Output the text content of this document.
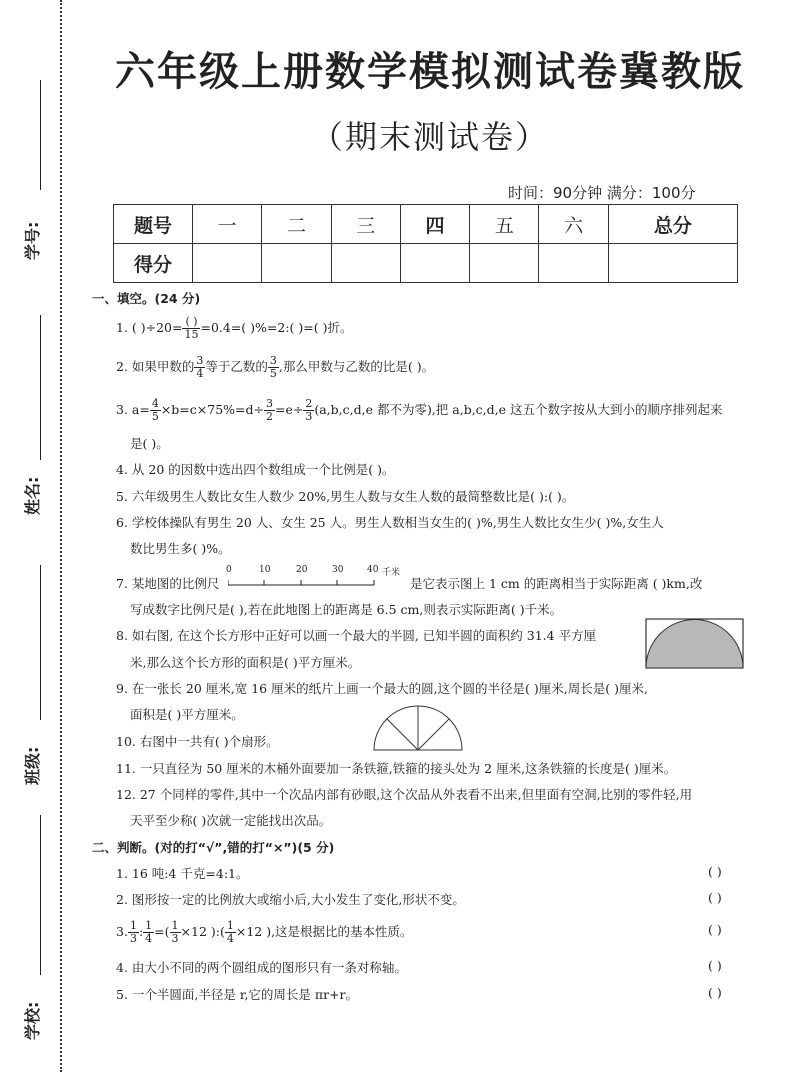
学号:
姓名:
班级:
学校:
六年级上册数学模拟测试卷冀教版
（期末测试卷）
时间：90分钟 满分：100分
题号	一	二	三	四	五	六	总分
得分							
一、填空。(24 分)
1. ( )$\div 20= \frac{( )}{15} =0.4=$( )%=2:( )=( )折。
2. 如果甲数的 $\frac{3}{4}$ 等于乙数的 $\frac{3}{5}$ ,那么甲数与乙数的比是( )。
3. $a= \frac{4}{5} \times b=c\times 75\%=d\div \frac{3}{2} =e\div \frac{2}{3} (a,b,c,d,e$ 都不为零),把 a,b,c,d,e 这五个数字按从大到小的顺序排列起来
是( )。
4. 从 20 的因数中选出四个数组成一个比例是( )。
5. 六年级男生人数比女生人数少 20%,男生人数与女生人数的最简整数比是( ):( )。
6. 学校体操队有男生 20 人、女生 25 人。男生人数相当女生的( )%,男生人数比女生少( )%,女生人
数比男生多( )%。
7. 某地图的比例尺
0	10	20	30	40 千米
是它表示图上 1 cm 的距离相当于实际距离 ( )km,改
写成数字比例尺是( ),若在此地图上的距离是 6.5 cm,则表示实际距离( )千米。
8. 如右图, 在这个长方形中正好可以画一个最大的半圆, 已知半圆的面积约 31.4 平方厘
米,那么这个长方形的面积是( )平方厘米。
9. 在一张长 20 厘米,宽 16 厘米的纸片上画一个最大的圆,这个圆的半径是( )厘米,周长是( )厘米,
面积是( )平方厘米。
10. 右图中一共有( )个扇形。
11. 一只直径为 50 厘米的木桶外面要加一条铁箍,铁箍的接头处为 2 厘米,这条铁箍的长度是( )厘米。
12. 27 个同样的零件,其中一个次品内部有砂眼,这个次品从外表看不出来,但里面有空洞,比别的零件轻,用
天平至少称( )次就一定能找出次品。
二、判断。(对的打“√”,错的打“×”)(5 分)
1. 16 吨:4 千克=4:1。	( )
2. 图形按一定的比例放大或缩小后,大小发生了变化,形状不变。	( )
3. $\frac{1}{3}$ : $\frac{1}{4}$ =( $\frac{1}{3} \times 12$ ):( $\frac{1}{4} \times 12$ ),这是根据比的基本性质。	( )
4. 由大小不同的两个圆组成的图形只有一条对称轴。	( )
5. 一个半圆面,半径是 r,它的周长是 πr+r。	( )
